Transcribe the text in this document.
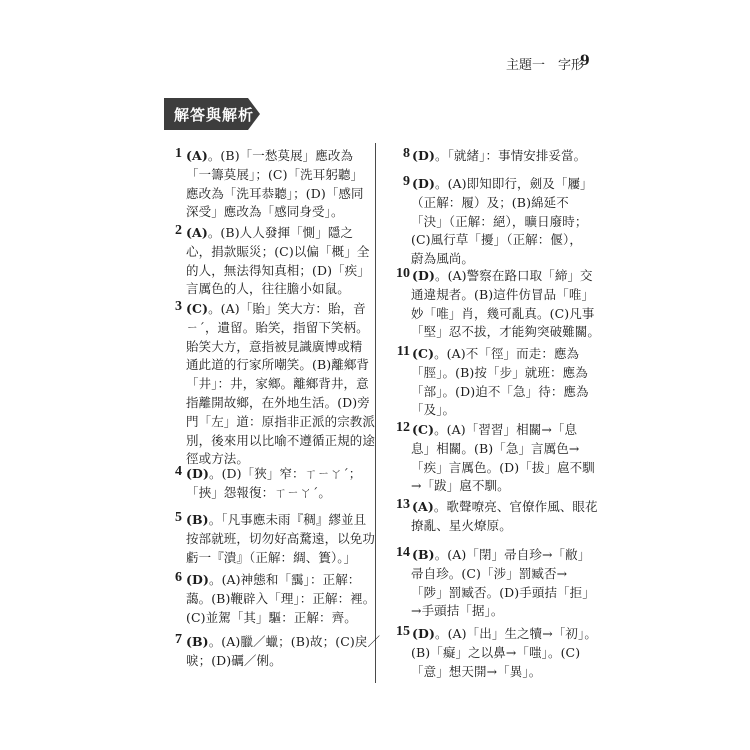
主題一　字形
9
解答與解析
1 (A)。(B)「一愁莫展」應改為
「一籌莫展」；(C)「洗耳躬聽」
應改為「洗耳恭聽」；(D)「感同
深受」應改為「感同身受」。
2 (A)。(B)人人發揮「惻」隱之
心，捐款賑災；(C)以偏「概」全
的人，無法得知真相；(D)「疾」
言厲色的人，往往膽小如鼠。
3 (C)。(A)「貽」笑大方：貽，音
ㄧˊ，遺留。貽笑，指留下笑柄。
貽笑大方，意指被見識廣博或精
通此道的行家所嘲笑。(B)離鄉背
「井」：井，家鄉。離鄉背井，意
指離開故鄉，在外地生活。(D)旁
門「左」道：原指非正派的宗教派
別，後來用以比喻不遵循正規的途
徑或方法。
4 (D)。(D)「狹」窄：ㄒㄧㄚˊ；
「挾」怨報復：ㄒㄧㄚˊ。
5 (B)。「凡事應未雨『稠』繆並且
按部就班，切勿好高騖遠，以免功
虧一『潰』（正解：綢、簣）。」
6 (D)。(A)神態和「靄」：正解：
藹。(B)鞭辟入「理」：正解：裡。
(C)並駕「其」驅：正解：齊。
7 (B)。(A)臘／蠟；(B)故；(C)戾／
唳；(D)礪／俐。
8 (D)。「就緒」：事情安排妥當。
9 (D)。(A)即知即行，劍及「屨」
（正解：履）及；(B)綿延不
「決」（正解：絕），曠日廢時；
(C)風行草「擾」（正解：偃），
蔚為風尚。
10 (D)。(A)警察在路口取「締」交
通違規者。(B)這件仿冒品「唯」
妙「唯」肖，幾可亂真。(C)凡事
「堅」忍不拔，才能夠突破難關。
11 (C)。(A)不「徑」而走：應為
「脛」。(B)按「步」就班：應為
「部」。(D)迫不「急」待：應為
「及」。
12 (C)。(A)「習習」相關→「息
息」相關。(B)「急」言厲色→
「疾」言厲色。(D)「拔」扈不馴
→「跋」扈不馴。
13 (A)。歌聲嘹亮、官僚作風、眼花
撩亂、星火燎原。
14 (B)。(A)「閉」帚自珍→「敝」
帚自珍。(C)「涉」罰臧否→
「陟」罰臧否。(D)手頭拮「拒」
→手頭拮「据」。
15 (D)。(A)「出」生之犢→「初」。
(B)「癡」之以鼻→「嗤」。(C)
「意」想天開→「異」。
